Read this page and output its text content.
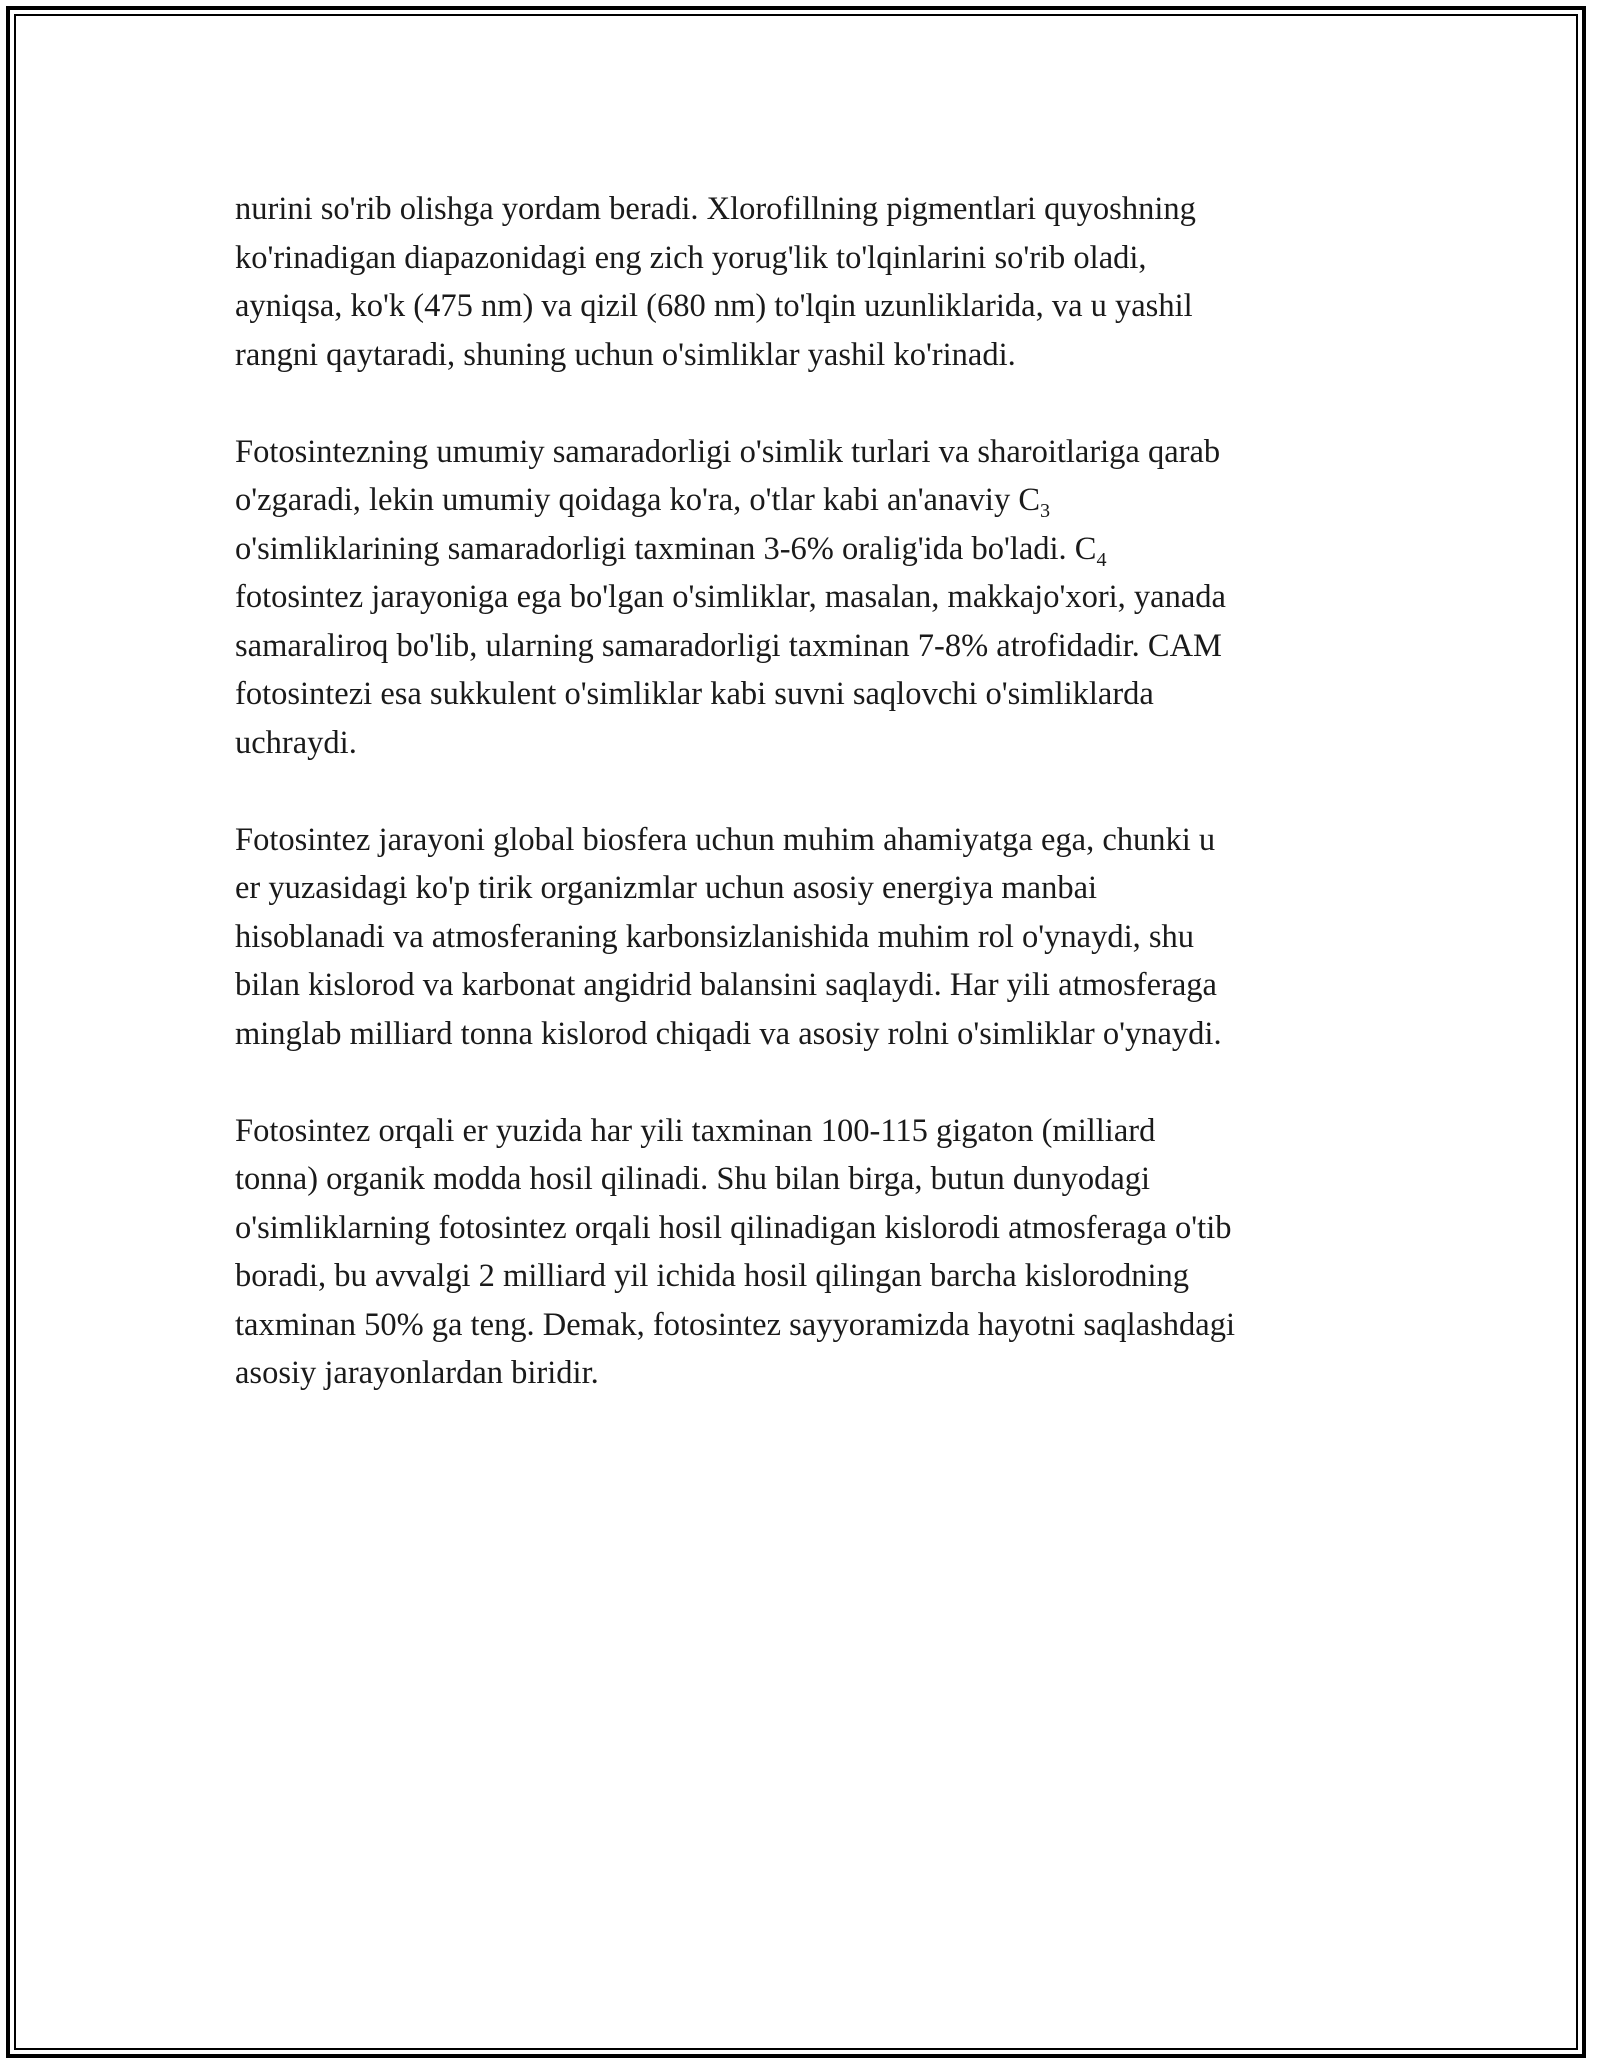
nurini so'rib olishga yordam beradi. Xlorofillning pigmentlari quyoshning
ko'rinadigan diapazonidagi eng zich yorug'lik to'lqinlarini so'rib oladi,
ayniqsa, ko'k (475 nm) va qizil (680 nm) to'lqin uzunliklarida, va u yashil
rangni qaytaradi, shuning uchun o'simliklar yashil ko'rinadi.

Fotosintezning umumiy samaradorligi o'simlik turlari va sharoitlariga qarab
o'zgaradi, lekin umumiy qoidaga ko'ra, o'tlar kabi an'anaviy $C_3$
o'simliklarining samaradorligi taxminan 3-6% oralig'ida bo'ladi. $C_4$
fotosintez jarayoniga ega bo'lgan o'simliklar, masalan, makkajo'xori, yanada
samaraliroq bo'lib, ularning samaradorligi taxminan 7-8% atrofidadir. CAM
fotosintezi esa sukkulent o'simliklar kabi suvni saqlovchi o'simliklarda
uchraydi.

Fotosintez jarayoni global biosfera uchun muhim ahamiyatga ega, chunki u
er yuzasidagi ko'p tirik organizmlar uchun asosiy energiya manbai
hisoblanadi va atmosferaning karbonsizlanishida muhim rol o'ynaydi, shu
bilan kislorod va karbonat angidrid balansini saqlaydi. Har yili atmosferaga
minglab milliard tonna kislorod chiqadi va asosiy rolni o'simliklar o'ynaydi.

Fotosintez orqali er yuzida har yili taxminan 100-115 gigaton (milliard
tonna) organik modda hosil qilinadi. Shu bilan birga, butun dunyodagi
o'simliklarning fotosintez orqali hosil qilinadigan kislorodi atmosferaga o'tib
boradi, bu avvalgi 2 milliard yil ichida hosil qilingan barcha kislorodning
taxminan 50% ga teng. Demak, fotosintez sayyoramizda hayotni saqlashdagi
asosiy jarayonlardan biridir.
